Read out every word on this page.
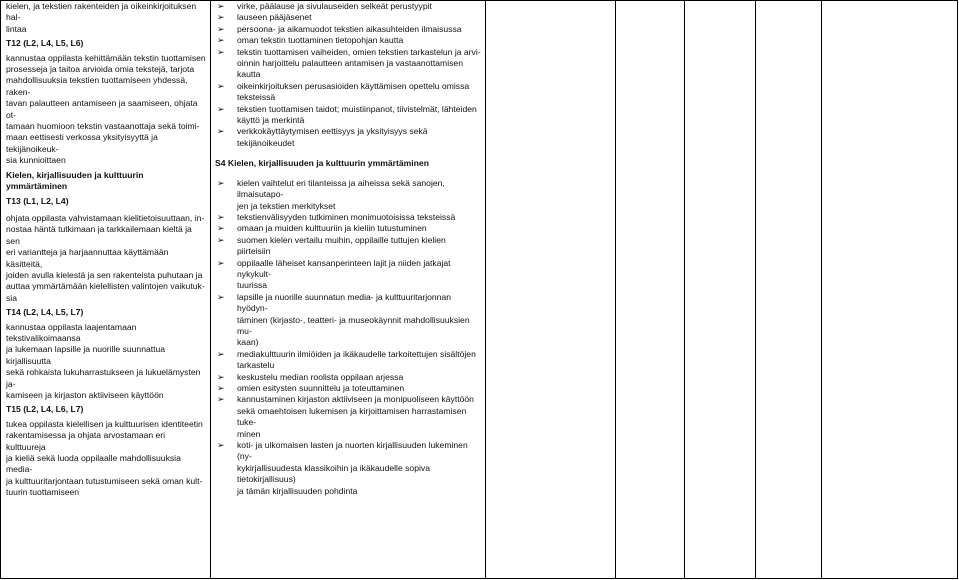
kielen, ja tekstien rakenteiden ja oikeinkirjoituksen hal-

lintaa

T12 (L2, L4, L5, L6)

kannustaa oppilasta kehittämään tekstin tuottamisen

prosesseja ja taitoa arvioida omia tekstejä, tarjota

mahdollisuuksia tekstien tuottamiseen yhdessä, raken-

tavan palautteen antamiseen ja saamiseen, ohjata ot-

tamaan huomioon tekstin vastaanottaja sekä toimi-

maan eettisesti verkossa yksityisyyttä ja tekijänoikeuk-

sia kunnioittaen

Kielen, kirjallisuuden ja kulttuurin ymmärtäminen

T13 (L1, L2, L4)

ohjata oppilasta vahvistamaan kielitietoisuuttaan, in-

nostaa häntä tutkimaan ja tarkkailemaan kieltä ja sen

eri variantteja ja harjaannuttaa käyttämään käsitteitä,

joiden avulla kielestä ja sen rakenteista puhutaan ja

auttaa ymmärtämään kielellisten valintojen vaikutuk-

sia

T14 (L2, L4, L5, L7)

kannustaa oppilasta laajentamaan tekstivalikoimaansa

ja lukemaan lapsille ja nuorille suunnattua kirjallisuutta

sekä rohkaista lukuharrastukseen ja lukuelämysten ja-

kamiseen ja kirjaston aktiiviseen käyttöön

T15 (L2, L4, L6, L7)

tukea oppilasta kielellisen ja kulttuurisen identiteetin

rakentamisessa ja ohjata arvostamaan eri kulttuureja

ja kieliä sekä luoda oppilaalle mahdollisuuksia media-

ja kulttuuritarjontaan tutustumiseen sekä oman kult-

tuurin tuottamiseen

➢ virke, päälause ja sivulauseiden selkeät perustyypit
➢ lauseen pääjäsenet
➢ persoona- ja aikamuodot tekstien aikasuhteiden ilmaisussa
➢ oman tekstin tuottaminen tietopohjan kautta
➢ tekstin tuottamisen vaiheiden, omien tekstien tarkastelun ja arvi-
oinnin harjoittelu palautteen antamisen ja vastaanottamisen
kautta
➢ oikeinkirjoituksen perusasioiden käyttämisen opettelu omissa
teksteissä
➢ tekstien tuottamisen taidot; muistiinpanot, tiivistelmät, lähteiden
käyttö ja merkintä
➢ verkkokäyttäytymisen eettisyys ja yksityisyys sekä tekijänoikeudet

S4 Kielen, kirjallisuuden ja kulttuurin ymmärtäminen

➢ kielen vaihtelut eri tilanteissa ja aiheissa sekä sanojen, ilmaisutapo-
jen ja tekstien merkitykset
➢ tekstienvälisyyden tutkiminen monimuotoisissa teksteissä
➢ omaan ja muiden kulttuuriin ja kieliin tutustuminen
➢ suomen kielen vertailu muihin, oppilaille tuttujen kielien piirteisiin
➢ oppilaalle läheiset kansanperinteen lajit ja niiden jatkajat nykykult-
tuurissa
➢ lapsille ja nuorille suunnatun media- ja kulttuuritarjonnan hyödyn-
täminen (kirjasto-, teatteri- ja museokäynnit mahdollisuuksien mu-
kaan)
➢ mediakulttuurin ilmiöiden ja ikäkaudelle tarkoitettujen sisältöjen
tarkastelu
➢ keskustelu median roolista oppilaan arjessa
➢ omien esitysten suunnittelu ja toteuttaminen
➢ kannustaminen kirjaston aktiiviseen ja monipuoliseen käyttöön
sekä omaehtoisen lukemisen ja kirjoittamisen harrastamisen tuke-
minen
➢ koti- ja ulkomaisen lasten ja nuorten kirjallisuuden lukeminen (ny-
kykirjallisuudesta klassikoihin ja ikäkaudelle sopiva tietokirjallisuus)
ja tämän kirjallisuuden pohdinta
